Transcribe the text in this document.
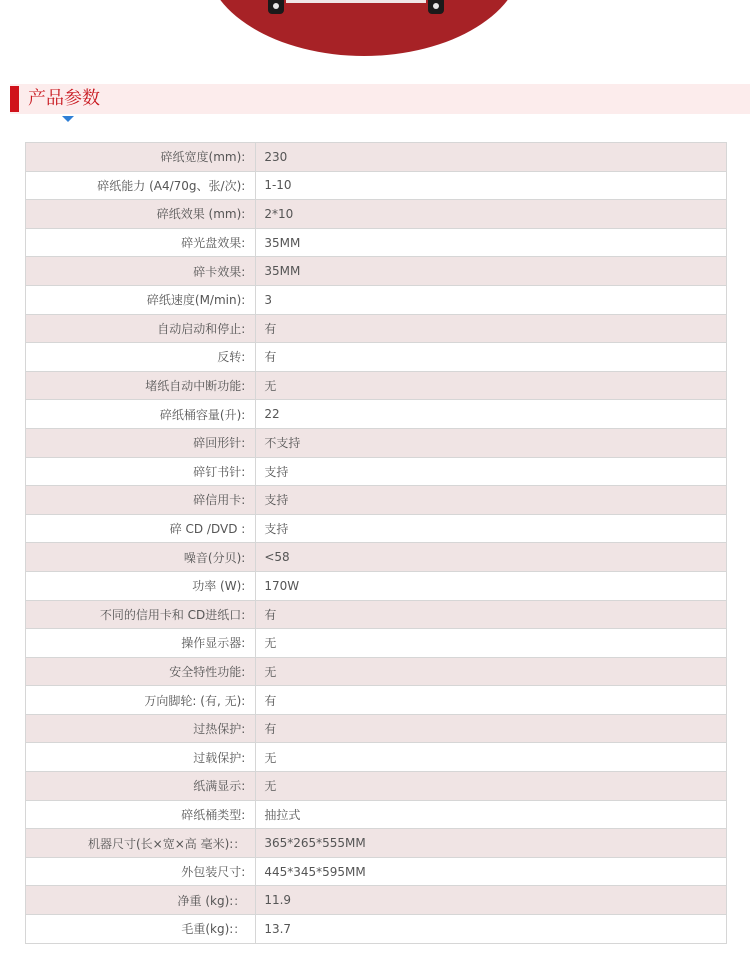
产品参数
碎纸宽度(mm):	230
碎纸能力 (A4/70g、张/次):	1-10
碎纸效果 (mm):	2*10
碎光盘效果:	35MM
碎卡效果:	35MM
碎纸速度(M/min):	3
自动启动和停止:	有
反转:	有
堵纸自动中断功能:	无
碎纸桶容量(升):	22
碎回形针:	不支持
碎钉书针:	支持
碎信用卡:	支持
碎 CD /DVD :	支持
噪音(分贝):	<58
功率 (W):	170W
不同的信用卡和 CD进纸口:	有
操作显示器:	无
安全特性功能:	无
万向脚轮: (有, 无):	有
过热保护:	有
过载保护:	无
纸满显示:	无
碎纸桶类型:	抽拉式
机器尺寸(长×宽×高 毫米):：	365*265*555MM
外包装尺寸:	445*345*595MM
净重 (kg):：	11.9
毛重(kg):：	13.7
